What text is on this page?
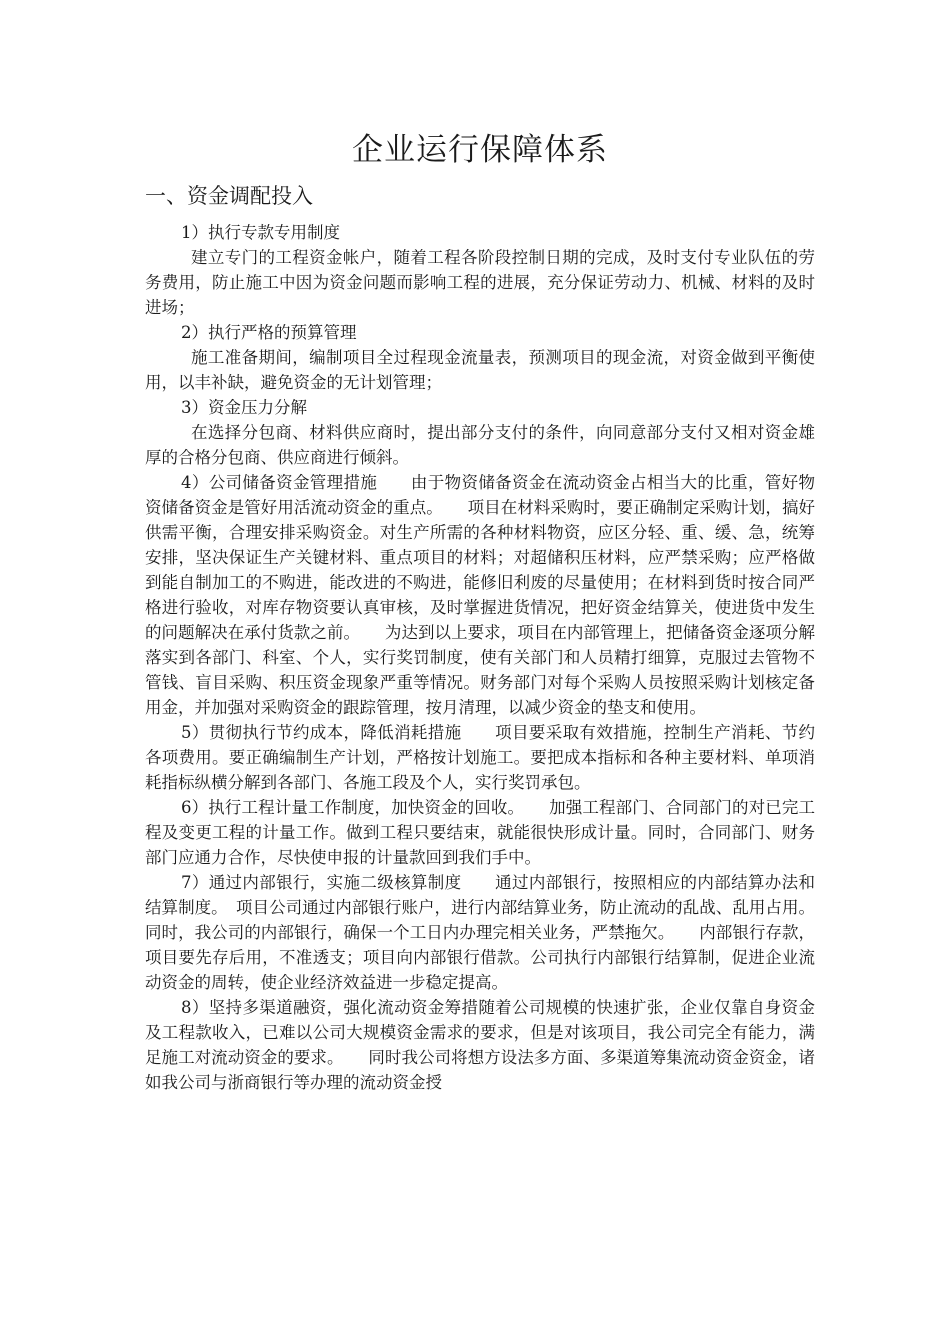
企业运行保障体系
一、资金调配投入

1）执行专款专用制度

建立专门的工程资金帐户，随着工程各阶段控制日期的完成，及时支付专业队伍的劳务费用，防止施工中因为资金问题而影响工程的进展，充分保证劳动力、机械、材料的及时进场；

2）执行严格的预算管理

施工准备期间，编制项目全过程现金流量表，预测项目的现金流，对资金做到平衡使用，以丰补缺，避免资金的无计划管理；

3）资金压力分解

在选择分包商、材料供应商时，提出部分支付的条件，向同意部分支付又相对资金雄厚的合格分包商、供应商进行倾斜。

4）公司储备资金管理措施　　由于物资储备资金在流动资金占相当大的比重，管好物资储备资金是管好用活流动资金的重点。　　项目在材料采购时，要正确制定采购计划，搞好供需平衡，合理安排采购资金。对生产所需的各种材料物资，应区分轻、重、缓、急，统筹安排，坚决保证生产关键材料、重点项目的材料；对超储积压材料，应严禁采购；应严格做到能自制加工的不购进，能改进的不购进，能修旧利废的尽量使用；在材料到货时按合同严格进行验收，对库存物资要认真审核，及时掌握进货情况，把好资金结算关，使进货中发生的问题解决在承付货款之前。　　为达到以上要求，项目在内部管理上，把储备资金逐项分解落实到各部门、科室、个人，实行奖罚制度，使有关部门和人员精打细算，克服过去管物不管钱、盲目采购、积压资金现象严重等情况。财务部门对每个采购人员按照采购计划核定备用金，并加强对采购资金的跟踪管理，按月清理，以减少资金的垫支和使用。

5）贯彻执行节约成本，降低消耗措施　　项目要采取有效措施，控制生产消耗、节约各项费用。要正确编制生产计划，严格按计划施工。要把成本指标和各种主要材料、单项消耗指标纵横分解到各部门、各施工段及个人，实行奖罚承包。

6）执行工程计量工作制度，加快资金的回收。　　加强工程部门、合同部门的对已完工程及变更工程的计量工作。做到工程只要结束，就能很快形成计量。同时，合同部门、财务部门应通力合作，尽快使申报的计量款回到我们手中。

7）通过内部银行，实施二级核算制度　　通过内部银行，按照相应的内部结算办法和结算制度。　项目公司通过内部银行账户，进行内部结算业务，防止流动的乱战、乱用占用。同时，我公司的内部银行，确保一个工日内办理完相关业务，严禁拖欠。　　内部银行存款，项目要先存后用，不准透支；项目向内部银行借款。公司执行内部银行结算制，促进企业流动资金的周转，使企业经济效益进一步稳定提高。

8）坚持多渠道融资，强化流动资金筹措随着公司规模的快速扩张，企业仅靠自身资金及工程款收入，已难以公司大规模资金需求的要求，但是对该项目，我公司完全有能力，满足施工对流动资金的要求。　　同时我公司将想方设法多方面、多渠道筹集流动资金资金，诸如我公司与浙商银行等办理的流动资金授
